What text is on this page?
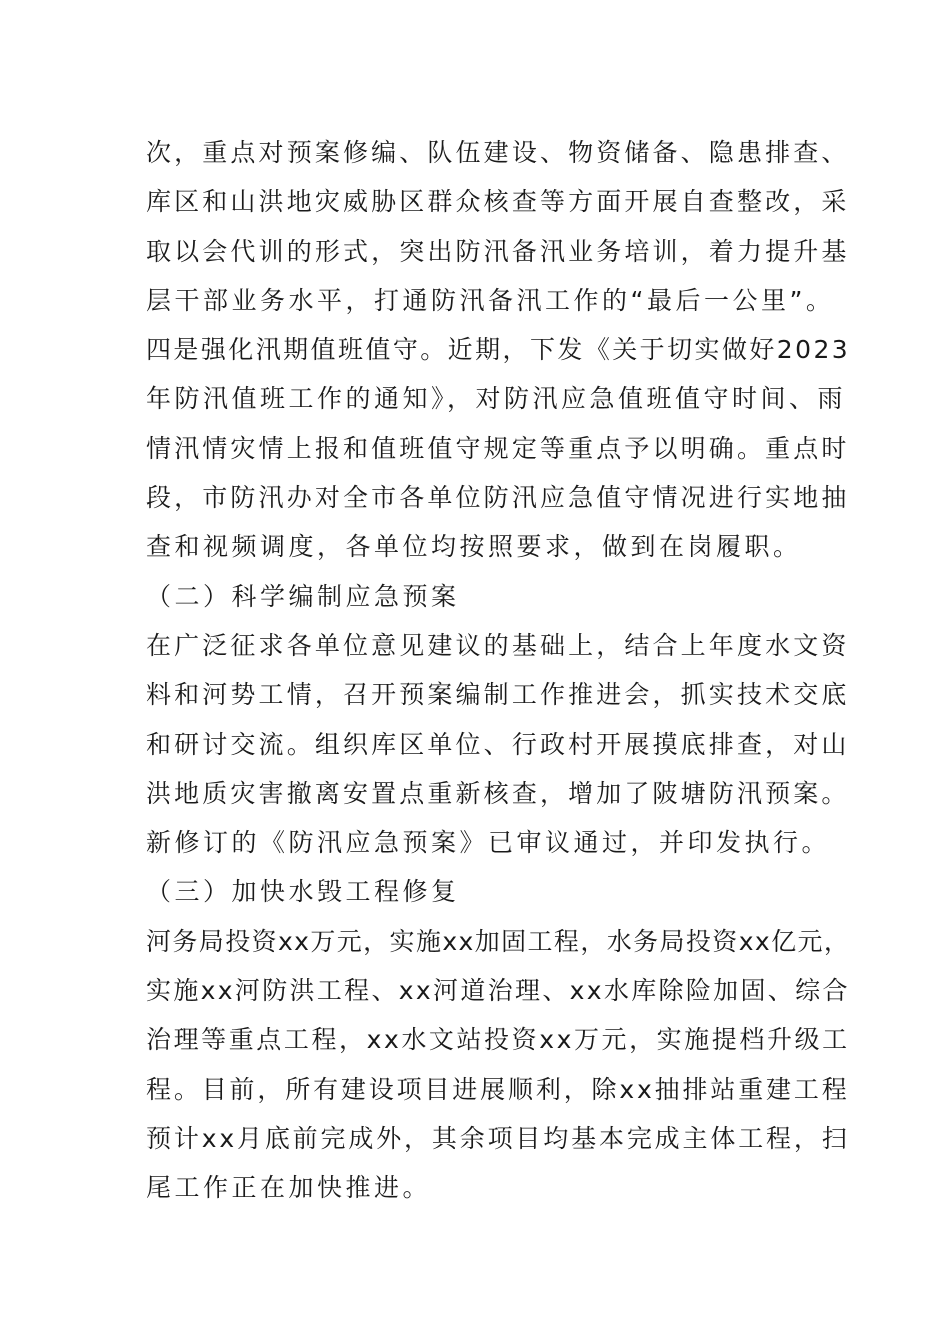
次，重点对预案修编、队伍建设、物资储备、隐患排查、
库区和山洪地灾威胁区群众核查等方面开展自查整改，采
取以会代训的形式，突出防汛备汛业务培训，着力提升基
层干部业务水平，打通防汛备汛工作的“最后一公里”。
四是强化汛期值班值守。近期，下发《关于切实做好2023
年防汛值班工作的通知》，对防汛应急值班值守时间、雨
情汛情灾情上报和值班值守规定等重点予以明确。重点时
段，市防汛办对全市各单位防汛应急值守情况进行实地抽
查和视频调度，各单位均按照要求，做到在岗履职。
（二）科学编制应急预案
在广泛征求各单位意见建议的基础上，结合上年度水文资
料和河势工情，召开预案编制工作推进会，抓实技术交底
和研讨交流。组织库区单位、行政村开展摸底排查，对山
洪地质灾害撤离安置点重新核查，增加了陂塘防汛预案。
新修订的《防汛应急预案》已审议通过，并印发执行。
（三）加快水毁工程修复
河务局投资xx万元，实施xx加固工程，水务局投资xx亿元，
实施xx河防洪工程、xx河道治理、xx水库除险加固、综合
治理等重点工程，xx水文站投资xx万元，实施提档升级工
程。目前，所有建设项目进展顺利，除xx抽排站重建工程
预计xx月底前完成外，其余项目均基本完成主体工程，扫
尾工作正在加快推进。
